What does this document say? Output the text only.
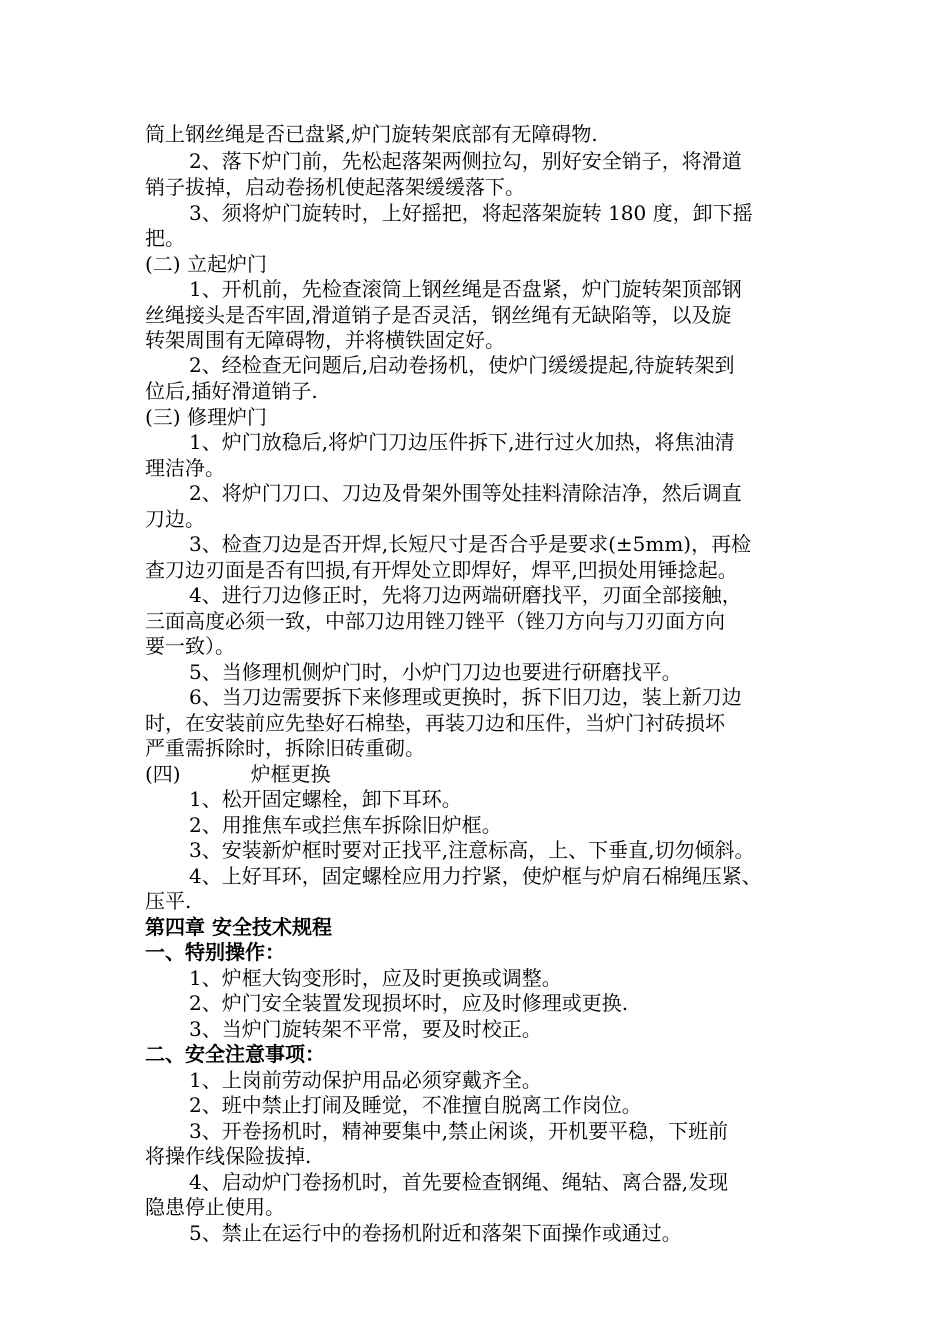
筒上钢丝绳是否已盘紧,炉门旋转架底部有无障碍物.
2、落下炉门前，先松起落架两侧拉勾，别好安全销子，将滑道
销子拔掉，启动卷扬机使起落架缓缓落下。
3、须将炉门旋转时，上好摇把，将起落架旋转 180 度，卸下摇
把。
(二) 立起炉门
1、开机前，先检查滚筒上钢丝绳是否盘紧，炉门旋转架顶部钢
丝绳接头是否牢固,滑道销子是否灵活，钢丝绳有无缺陷等，以及旋
转架周围有无障碍物，并将横铁固定好。
2、经检查无问题后,启动卷扬机，使炉门缓缓提起,待旋转架到
位后,插好滑道销子.
(三) 修理炉门
1、炉门放稳后,将炉门刀边压件拆下,进行过火加热，将焦油清
理洁净。
2、将炉门刀口、刀边及骨架外围等处挂料清除洁净，然后调直
刀边。
3、检查刀边是否开焊,长短尺寸是否合乎是要求(±5mm)，再检
查刀边刃面是否有凹损,有开焊处立即焊好，焊平,凹损处用锤捻起。
4、进行刀边修正时，先将刀边两端研磨找平，刃面全部接触，
三面高度必须一致，中部刀边用锉刀锉平（锉刀方向与刀刃面方向
要一致）。
5、当修理机侧炉门时，小炉门刀边也要进行研磨找平。
6、当刀边需要拆下来修理或更换时，拆下旧刀边，装上新刀边
时，在安装前应先垫好石棉垫，再装刀边和压件，当炉门衬砖损坏
严重需拆除时，拆除旧砖重砌。
(四)	炉框更换
1、松开固定螺栓，卸下耳环。
2、用推焦车或拦焦车拆除旧炉框。
3、安装新炉框时要对正找平,注意标高，上、下垂直,切勿倾斜。
4、上好耳环，固定螺栓应用力拧紧，使炉框与炉肩石棉绳压紧、
压平.
第四章 安全技术规程
一、特别操作：
1、炉框大钩变形时，应及时更换或调整。
2、炉门安全装置发现损坏时，应及时修理或更换.
3、当炉门旋转架不平常，要及时校正。
二、安全注意事项：
1、上岗前劳动保护用品必须穿戴齐全。
2、班中禁止打闹及睡觉，不准擅自脱离工作岗位。
3、开卷扬机时，精神要集中,禁止闲谈，开机要平稳，下班前
将操作线保险拔掉.
4、启动炉门卷扬机时，首先要检查钢绳、绳轱、离合器,发现
隐患停止使用。
5、禁止在运行中的卷扬机附近和落架下面操作或通过。
